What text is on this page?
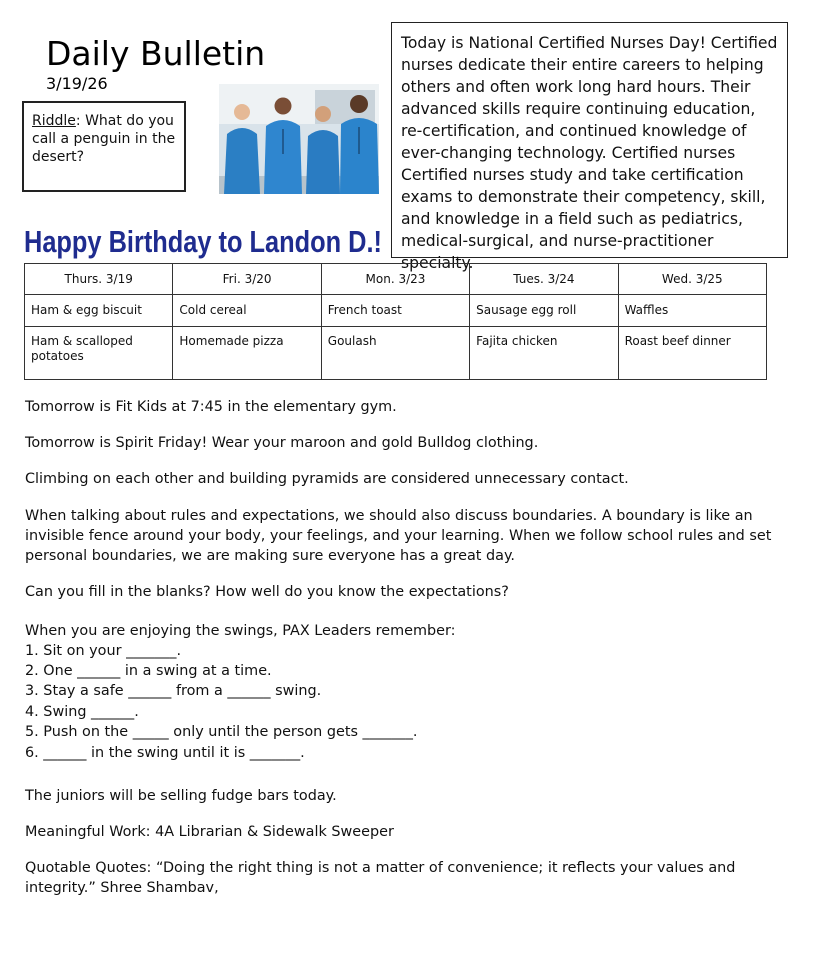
Daily Bulletin
3/19/26
Riddle: What do you call a penguin in the desert?
Today is National Certified Nurses Day! Certified nurses dedicate their entire careers to helping others and often work long hard hours. Their advanced skills require continuing education, re-certification, and continued knowledge of ever-changing technology. Certified nurses Certified nurses study and take certification exams to demonstrate their competency, skill, and knowledge in a field such as pediatrics, medical-surgical, and nurse-practitioner specialty.
Happy Birthday to Landon D.!
Thurs. 3/19	Fri. 3/20	Mon. 3/23	Tues. 3/24	Wed. 3/25
Ham & egg biscuit	Cold cereal	French toast	Sausage egg roll	Waffles
Ham & scalloped potatoes	Homemade pizza	Goulash	Fajita chicken	Roast beef dinner
Tomorrow is Fit Kids at 7:45 in the elementary gym.
Tomorrow is Spirit Friday! Wear your maroon and gold Bulldog clothing.
Climbing on each other and building pyramids are considered unnecessary contact.
When talking about rules and expectations, we should also discuss boundaries. A boundary is like an invisible fence around your body, your feelings, and your learning. When we follow school rules and set personal boundaries, we are making sure everyone has a great day.
Can you fill in the blanks? How well do you know the expectations?
When you are enjoying the swings, PAX Leaders remember:
1. Sit on your _______.
2. One ______ in a swing at a time.
3. Stay a safe ______ from a ______ swing.
4. Swing ______.
5. Push on the _____ only until the person gets _______.
6. ______ in the swing until it is _______.
The juniors will be selling fudge bars today.
Meaningful Work: 4A Librarian & Sidewalk Sweeper
Quotable Quotes: “Doing the right thing is not a matter of convenience; it reflects your values and integrity.” Shree Shambav,
